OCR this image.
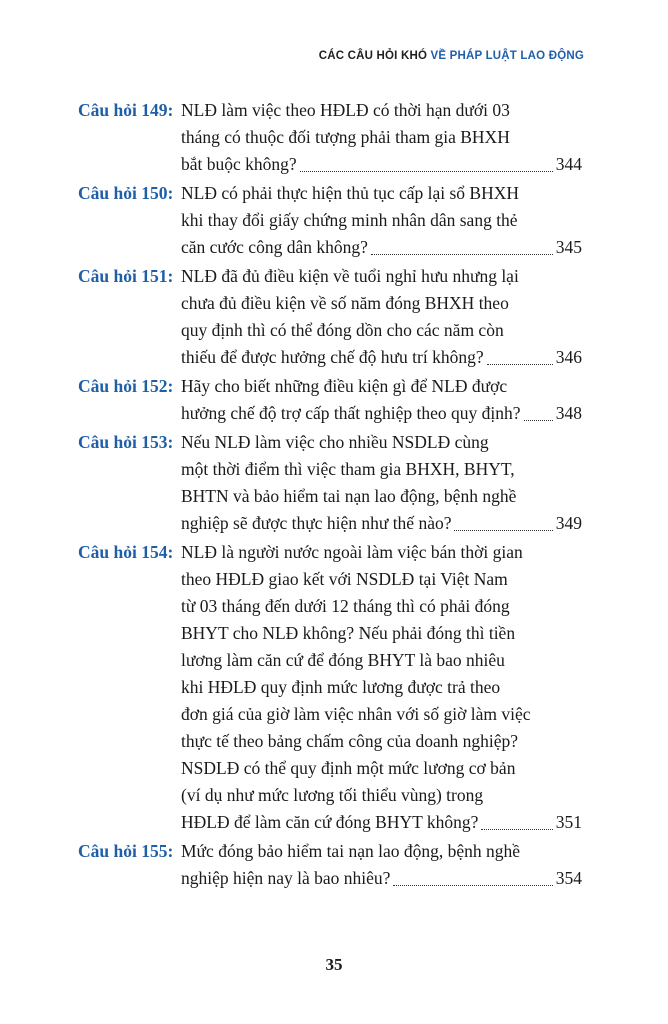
CÁC CÂU HỎI KHÓ VỀ PHÁP LUẬT LAO ĐỘNG
Câu hỏi 149: NLĐ làm việc theo HĐLĐ có thời hạn dưới 03
tháng có thuộc đối tượng phải tham gia BHXH
bắt buộc không?	344
Câu hỏi 150: NLĐ có phải thực hiện thủ tục cấp lại sổ BHXH
khi thay đổi giấy chứng minh nhân dân sang thẻ
căn cước công dân không?	345
Câu hỏi 151: NLĐ đã đủ điều kiện về tuổi nghỉ hưu nhưng lại
chưa đủ điều kiện về số năm đóng BHXH theo
quy định thì có thể đóng dồn cho các năm còn
thiếu để được hưởng chế độ hưu trí không?	346
Câu hỏi 152: Hãy cho biết những điều kiện gì để NLĐ được
hưởng chế độ trợ cấp thất nghiệp theo quy định? 348
Câu hỏi 153: Nếu NLĐ làm việc cho nhiều NSDLĐ cùng
một thời điểm thì việc tham gia BHXH, BHYT,
BHTN và bảo hiểm tai nạn lao động, bệnh nghề
nghiệp sẽ được thực hiện như thế nào?	349
Câu hỏi 154: NLĐ là người nước ngoài làm việc bán thời gian
theo HĐLĐ giao kết với NSDLĐ tại Việt Nam
từ 03 tháng đến dưới 12 tháng thì có phải đóng
BHYT cho NLĐ không? Nếu phải đóng thì tiền
lương làm căn cứ để đóng BHYT là bao nhiêu
khi HĐLĐ quy định mức lương được trả theo
đơn giá của giờ làm việc nhân với số giờ làm việc
thực tế theo bảng chấm công của doanh nghiệp?
NSDLĐ có thể quy định một mức lương cơ bản
(ví dụ như mức lương tối thiểu vùng) trong
HĐLĐ để làm căn cứ đóng BHYT không?	351
Câu hỏi 155: Mức đóng bảo hiểm tai nạn lao động, bệnh nghề
nghiệp hiện nay là bao nhiêu?	354
35
